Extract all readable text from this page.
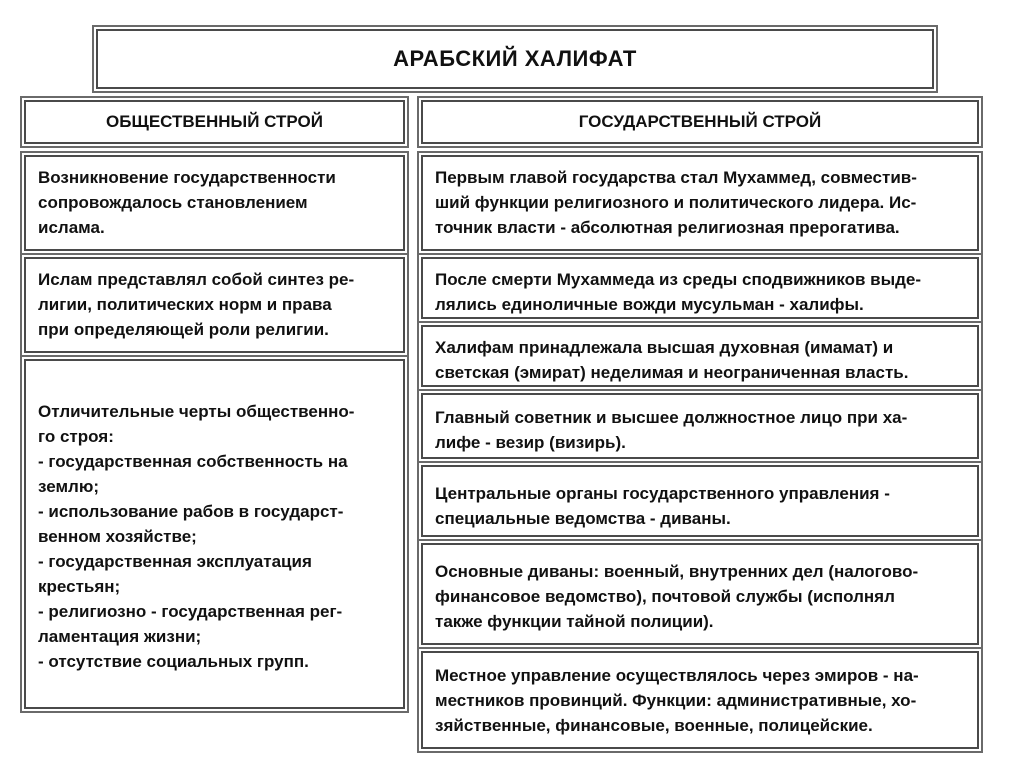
АРАБСКИЙ ХАЛИФАТ
ОБЩЕСТВЕННЫЙ СТРОЙ	ГОСУДАРСТВЕННЫЙ СТРОЙ

Возникновение государственности
сопровождалось становлением
ислама.

Ислам представлял собой синтез ре-
лигии, политических норм и права
при определяющей роли религии.

Отличительные черты общественно-
го строя:
- государственная собственность на
землю;
- использование рабов в государст-
венном хозяйстве;
- государственная эксплуатация
крестьян;
- религиозно - государственная рег-
ламентация жизни;
- отсутствие социальных групп.

Первым главой государства стал Мухаммед, совместив-
ший функции религиозного и политического лидера. Ис-
точник власти - абсолютная религиозная прерогатива.

После смерти Мухаммеда из среды сподвижников выде-
лялись единоличные вожди мусульман - халифы.

Халифам принадлежала высшая духовная (имамат) и
светская (эмират) неделимая и неограниченная власть.

Главный советник и высшее должностное лицо при ха-
лифе - везир (визирь).

Центральные органы государственного управления -
специальные ведомства - диваны.

Основные диваны: военный, внутренних дел (налогово-
финансовое ведомство), почтовой службы (исполнял
также функции тайной полиции).

Местное управление осуществлялось через эмиров - на-
местников провинций. Функции: административные, хо-
зяйственные, финансовые, военные, полицейские.
